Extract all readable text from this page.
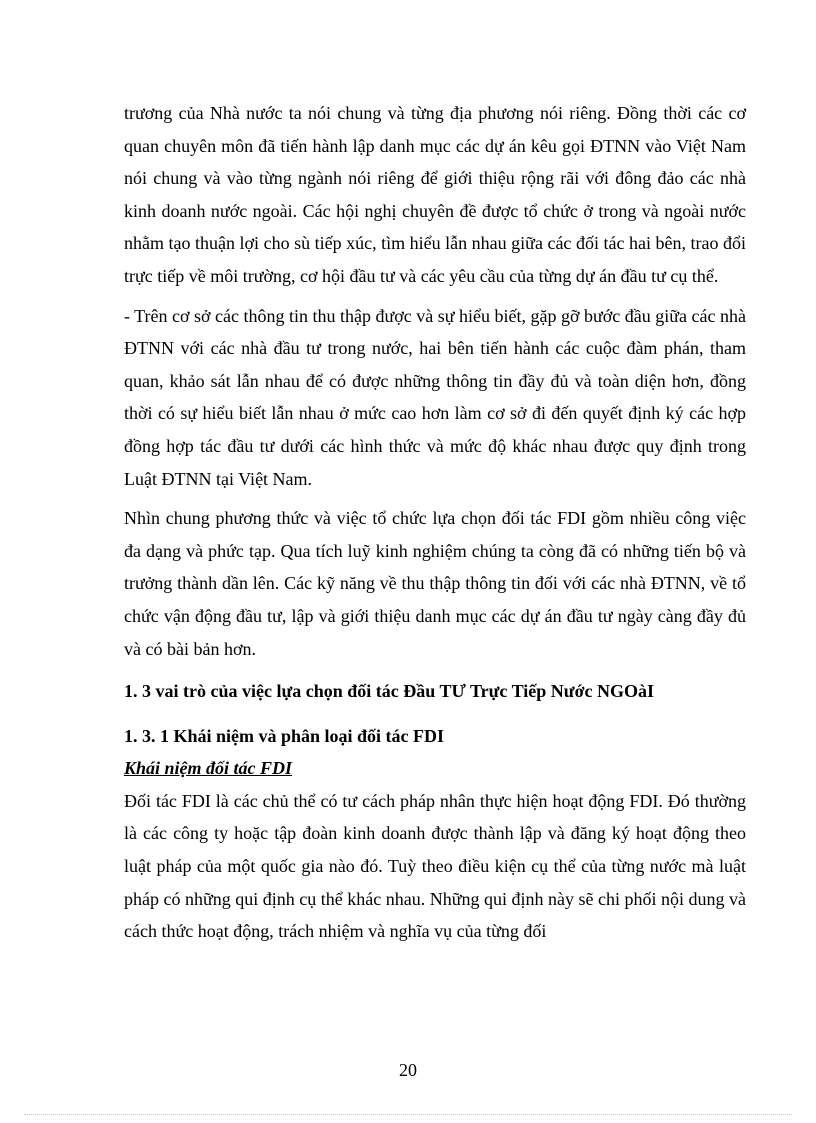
trương của Nhà nước ta nói chung và từng địa phương nói riêng. Đồng thời các cơ quan chuyên môn đã tiến hành lập danh mục các dự án kêu gọi ĐTNN vào Việt Nam nói chung và vào từng ngành nói riêng để giới thiệu rộng rãi với đông đảo các nhà kinh doanh nước ngoài. Các hội nghị chuyên đề được tổ chức ở trong và ngoài nước nhằm tạo thuận lợi cho sù tiếp xúc, tìm hiểu lẫn nhau giữa các đối tác hai bên, trao đổi trực tiếp về môi trường, cơ hội đầu tư và các yêu cầu của từng dự án đầu tư cụ thể.

- Trên cơ sở các thông tin thu thập được và sự hiểu biết, gặp gỡ bước đầu giữa các nhà ĐTNN với các nhà đầu tư trong nước, hai bên tiến hành các cuộc đàm phán, tham quan, khảo sát lẫn nhau để có được những thông tin đầy đủ và toàn diện hơn, đồng thời có sự hiểu biết lẫn nhau ở mức cao hơn làm cơ sở đi đến quyết định ký các hợp đồng hợp tác đầu tư dưới các hình thức và mức độ khác nhau được quy định trong Luật ĐTNN tại Việt Nam.

Nhìn chung phương thức và việc tổ chức lựa chọn đối tác FDI gồm nhiều công việc đa dạng và phức tạp. Qua tích luỹ kinh nghiệm chúng ta còng đã có những tiến bộ và trưởng thành dần lên. Các kỹ năng về thu thập thông tin đối với các nhà ĐTNN, về tổ chức vận động đầu tư, lập và giới thiệu danh mục các dự án đầu tư ngày càng đầy đủ và có bài bản hơn.

1. 3 vai trò của việc lựa chọn đối tác Đầu TƯ Trực Tiếp Nước NGOàI

1. 3. 1 Khái niệm và phân loại đối tác FDI

Khái niệm đối tác FDI

Đối tác FDI là các chủ thể có tư cách pháp nhân thực hiện hoạt động FDI. Đó thường là các công ty hoặc tập đoàn kinh doanh được thành lập và đăng ký hoạt động theo luật pháp của một quốc gia nào đó. Tuỳ theo điều kiện cụ thể của từng nước mà luật pháp có những qui định cụ thể khác nhau. Những qui định này sẽ chi phối nội dung và cách thức hoạt động, trách nhiệm và nghĩa vụ của từng đối

20
